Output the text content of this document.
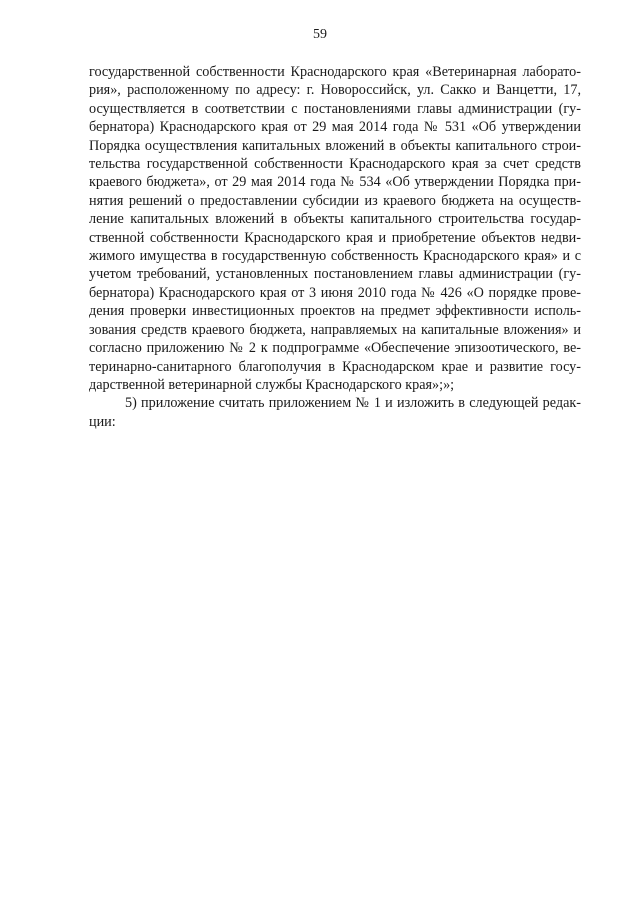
59
государственной собственности Краснодарского края «Ветеринарная лаборато-
рия», расположенному по адресу: г. Новороссийск, ул. Сакко и Ванцетти, 17,
осуществляется в соответствии с постановлениями главы администрации (гу-
бернатора) Краснодарского края от 29 мая 2014 года № 531 «Об утверждении
Порядка осуществления капитальных вложений в объекты капитального строи-
тельства государственной собственности Краснодарского края за счет средств
краевого бюджета», от 29 мая 2014 года № 534 «Об утверждении Порядка при-
нятия решений о предоставлении субсидии из краевого бюджета на осуществ-
ление капитальных вложений в объекты капитального строительства государ-
ственной собственности Краснодарского края и приобретение объектов недви-
жимого имущества в государственную собственность Краснодарского края» и с
учетом требований, установленных постановлением главы администрации (гу-
бернатора) Краснодарского края от 3 июня 2010 года № 426 «О порядке прове-
дения проверки инвестиционных проектов на предмет эффективности исполь-
зования средств краевого бюджета, направляемых на капитальные вложения» и
согласно приложению № 2 к подпрограмме «Обеспечение эпизоотического, ве-
теринарно-санитарного благополучия в Краснодарском крае и развитие госу-
дарственной ветеринарной службы Краснодарского края»;»;
5) приложение считать приложением № 1 и изложить в следующей редак-
ции:
